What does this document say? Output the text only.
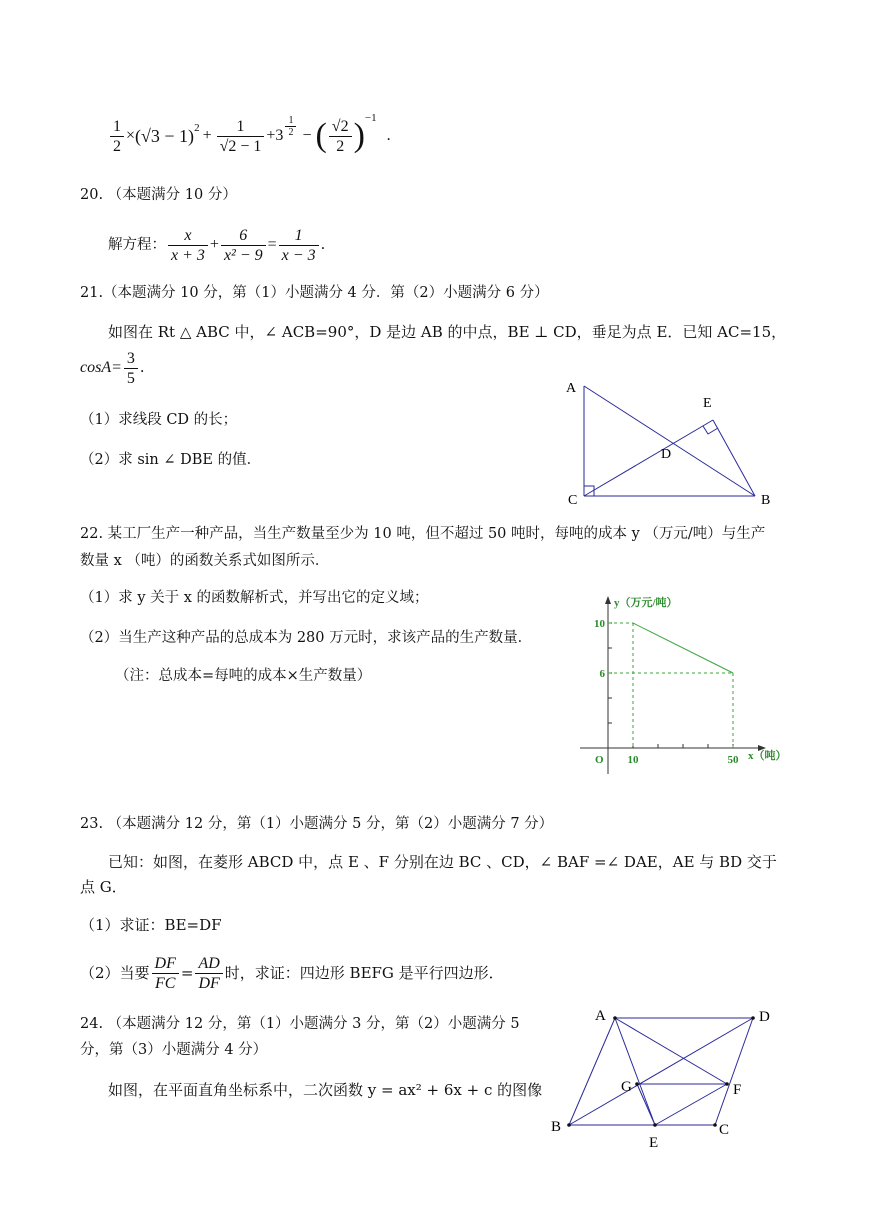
$\frac{1}{2} \times (√3 - 1)^2 + \frac{1}{√2 - 1} +3 \frac{1}{2}$ − ( $\frac{√2}{2} )^{-1}$
.
20. （本题满分 10 分）
解方程： $\frac{x}{x + 3} + \frac{6}{\text{x² − 9}} = \frac{1}{x - 3}$ .
21.（本题满分 10 分，第（1）小题满分 4 分．第（2）小题满分 6 分）
如图在 Rt △ ABC 中，∠ ACB=90°，D 是边 AB 的中点，BE ⊥ CD，垂足为点 E．已知 AC=15，
$\cos A= \frac{3}{5}$ .
（1）求线段 CD 的长；
（2）求 sin ∠ DBE 的值．
A
B
C
D
E
22. 某工厂生产一种产品，当生产数量至少为 10 吨，但不超过 50 吨时，每吨的成本 y （万元/吨）与生产
数量 x （吨）的函数关系式如图所示．
（1）求 y 关于 x 的函数解析式，并写出它的定义域；
（2）当生产这种产品的总成本为 280 万元时，求该产品的生产数量．
（注：总成本=每吨的成本×生产数量）
y（万元/吨）
x（吨）
O 10	50
10
6
23. （本题满分 12 分，第（1）小题满分 5 分，第（2）小题满分 7 分）
已知：如图，在菱形 ABCD 中，点 E 、F 分别在边 BC 、CD，∠ BAF =∠ DAE，AE 与 BD 交于
点 G．
（1）求证：BE=DF
（2）当要 $\frac{DF}{FC} = \frac{AD}{DF}$ 时，求证：四边形 BEFG 是平行四边形．
24. （本题满分 12 分，第（1）小题满分 3 分，第（2）小题满分 5
分，第（3）小题满分 4 分）
如图，在平面直角坐标系中，二次函数 y = ax² + 6x + c 的图像
A	D
B	C
E
F
G
